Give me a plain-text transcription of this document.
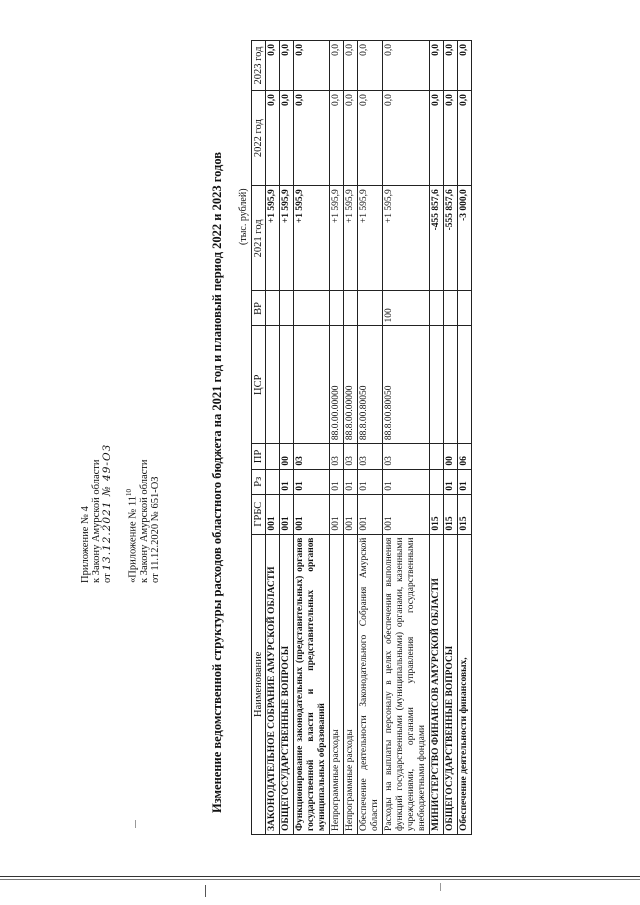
Приложение № 4 к Закону Амурской области от 13.12.2021 № 49-ОЗ	«Приложение № $11^{10}$ к Закону Амурской области от 11.12.2020 № 651-ОЗ	Изменение ведомственной структуры расходов областного бюджета на 2021 год и плановый период 2022 и 2023 годов (тыс. рублей)
Наименование	ГРБС	Рз	ПР	ЦСР	ВР	2021 год	2022 год	2023 год
ЗАКОНОДАТЕЛЬНОЕ СОБРАНИЕ АМУРСКОЙ ОБЛАСТИ	001					+1 595,9	0,0	0,0
ОБЩЕГОСУДАРСТВЕННЫЕ ВОПРОСЫ	001	01	00			+1 595,9	0,0	0,0
Функционирование законодательных (представительных) органов государственной власти и представительных органов муниципальных образований	001	01	03			+1 595,9	0,0	0,0
Непрограммные расходы	001	01	03	88.0.00.00000		+1 595,9	0,0	0,0
Непрограммные расходы	001	01	03	88.8.00.00000		+1 595,9	0,0	0,0
Обеспечение деятельности Законодательного Собрания Амурской области	001	01	03	88.8.00.80050		+1 595,9	0,0	0,0
Расходы на выплаты персоналу в целях обеспечения выполнения функций государственными (муниципальными) органами, казенными учреждениями, органами управления государственными внебюджетными фондами	001	01	03	88.8.00.80050	100	+1 595,9	0,0	0,0
МИНИСТЕРСТВО ФИНАНСОВ АМУРСКОЙ ОБЛАСТИ	015					-455 857,6	0,0	0,0
ОБЩЕГОСУДАРСТВЕННЫЕ ВОПРОСЫ	015	01	00			-555 857,6	0,0	0,0
Обеспечение деятельности финансовых,	015	01	06			-3 000,0	0,0	0,0
